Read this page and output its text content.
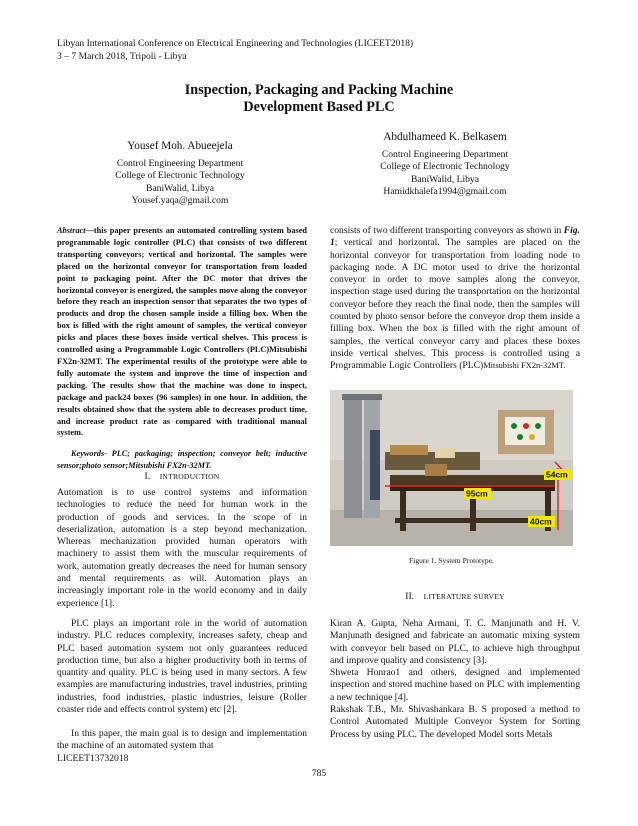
Libyan International Conference on Electrical Engineering and Technologies (LICEET2018)
3 – 7 March 2018, Tripoli - Libya
Inspection, Packaging and Packing Machine
Development Based PLC
Yousef Moh. Abueejela
Control Engineering Department
College of Electronic Technology
BaniWalid, Libya
Yousef.yaqa@gmail.com
Abdulhameed K. Belkasem
Control Engineering Department
College of Electronic Technology
BaniWalid, Libya
Hamidkhalefa1994@gmail.com

Abstract—this paper presents an automated controlling system based programmable logic controller (PLC) that consists of two different transporting conveyors; vertical and horizontal. The samples were placed on the horizontal conveyor for transportation from loaded point to packaging point. After the DC motor that drives the horizontal conveyor is energized, the samples move along the conveyor before they reach an inspection sensor that separates the two types of products and drop the chosen sample inside a filling box. When the box is filled with the right amount of samples, the vertical conveyor picks and places these boxes inside vertical shelves. This process is controlled using a Programmable Logic Controllers (PLC)Mitsubishi FX2n-32MT. The experimental results of the prototype were able to fully automate the system and improve the time of inspection and packing. The results show that the machine was done to inspect, package and pack24 boxes (96 samples) in one hour. In addition, the results obtained show that the system able to decreases product time, and increase product rate as compared with traditional manual system.

Keywords- PLC; packaging; inspection; conveyor belt; inductive sensor;photo sensor;Mitsubishi FX2n-32MT.

I. INTRODUCTION

Automation is to use control systems and information technologies to reduce the need for human work in the production of goods and services. In the scope of in deserialization, automation is a step beyond mechanization. Whereas mechanization provided human operators with machinery to assist them with the muscular requirements of work, automation greatly decreases the need for human sensory and mental requirements as will. Automation plays an increasingly important role in the world economy and in daily experience [1].

PLC plays an important role in the world of automation industry. PLC reduces complexity, increases safety, cheap and PLC based automation system not only guarantees reduced production time, but also a higher productivity both in terms of quantity and quality. PLC is being used in many sectors. A few examples are manufacturing industries, travel industries, printing industries, food industries, plastic industries, leisure (Roller coaster ride and effects control system) etc [2].

In this paper, the main goal is to design and implementation the machine of an automated system that

consists of two different transporting conveyors as shown in Fig. 1; vertical and horizontal. The samples are placed on the horizontal conveyor for transportation from loading node to packaging node. A DC motor used to drive the horizontal conveyor in order to move samples along the conveyor, inspection stage used during the transportation on the horizontal conveyor before they reach the final node, then the samples will counted by photo sensor before the conveyor drop them inside a filling box. When the box is filled with the right amount of samples, the vertical conveyor carry and places these boxes inside vertical shelves. This process is controlled using a Programmable Logic Controllers (PLC)Mitsubishi FX2n-32MT.

54cm
95cm
40cm
Figure 1. System Prototype.
II. LITERATURE SURVEY

Kiran A. Gupta, Neha Armani, T. C. Manjunath and H. V. Manjunath designed and fabricate an automatic mixing system with conveyor belt based on PLC, to achieve high throughput and improve quality and consistency [3].

Shweta Honrao1 and others, designed and implemented inspection and stored machine based on PLC with implementing a new technique [4].

Rakshak T.B., Mr. Shivashankara B. S proposed a method to Control Automated Multiple Conveyor System for Sorting Process by using PLC. The developed Model sorts Metals

LICEET13732018
785
